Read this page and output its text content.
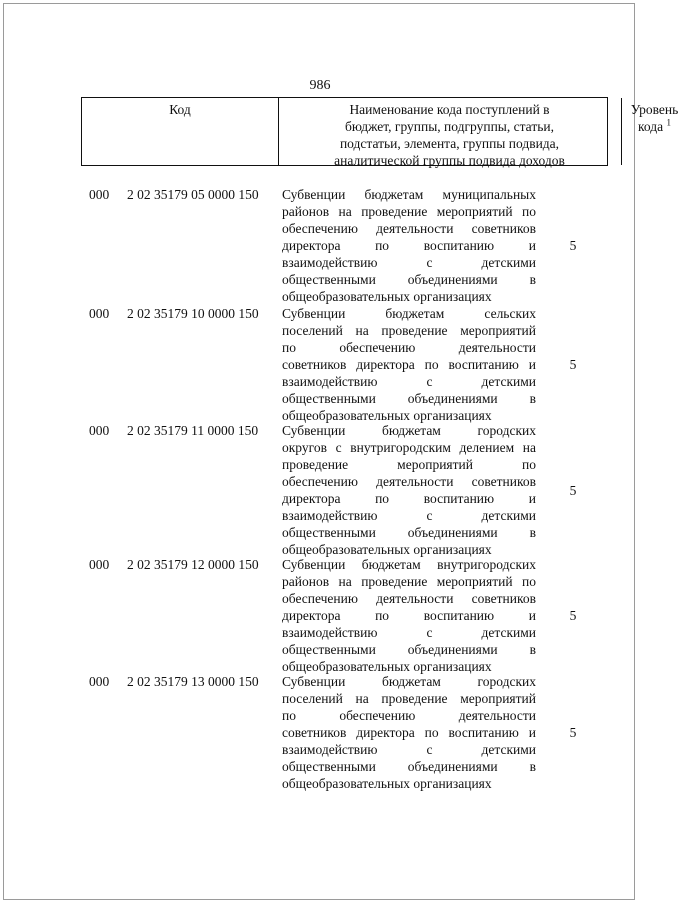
986
Код	Наименование кода поступлений в
бюджет, группы, подгруппы, статьи,
подстатьи, элемента, группы подвида,
аналитической группы подвида доходов
Уровень
кода $^1$
000 2 02 35179 05 0000 150 Субвенции бюджетам муниципальных
районов на проведение мероприятий по
обеспечению деятельности советников
директора по воспитанию и
взаимодействию с детскими
общественными объединениями в
общеобразовательных организациях
5
000 2 02 35179 10 0000 150 Субвенции бюджетам сельских
поселений на проведение мероприятий
по обеспечению деятельности
советников директора по воспитанию и
взаимодействию с детскими
общественными объединениями в
общеобразовательных организациях
5
000 2 02 35179 11 0000 150 Субвенции бюджетам городских
округов с внутригородским делением на
проведение мероприятий по
обеспечению деятельности советников
директора по воспитанию и
взаимодействию с детскими
общественными объединениями в
общеобразовательных организациях
5
000 2 02 35179 12 0000 150 Субвенции бюджетам внутригородских
районов на проведение мероприятий по
обеспечению деятельности советников
директора по воспитанию и
взаимодействию с детскими
общественными объединениями в
общеобразовательных организациях
5
000 2 02 35179 13 0000 150 Субвенции бюджетам городских
поселений на проведение мероприятий
по обеспечению деятельности
советников директора по воспитанию и
взаимодействию с детскими
общественными объединениями в
общеобразовательных организациях
5
